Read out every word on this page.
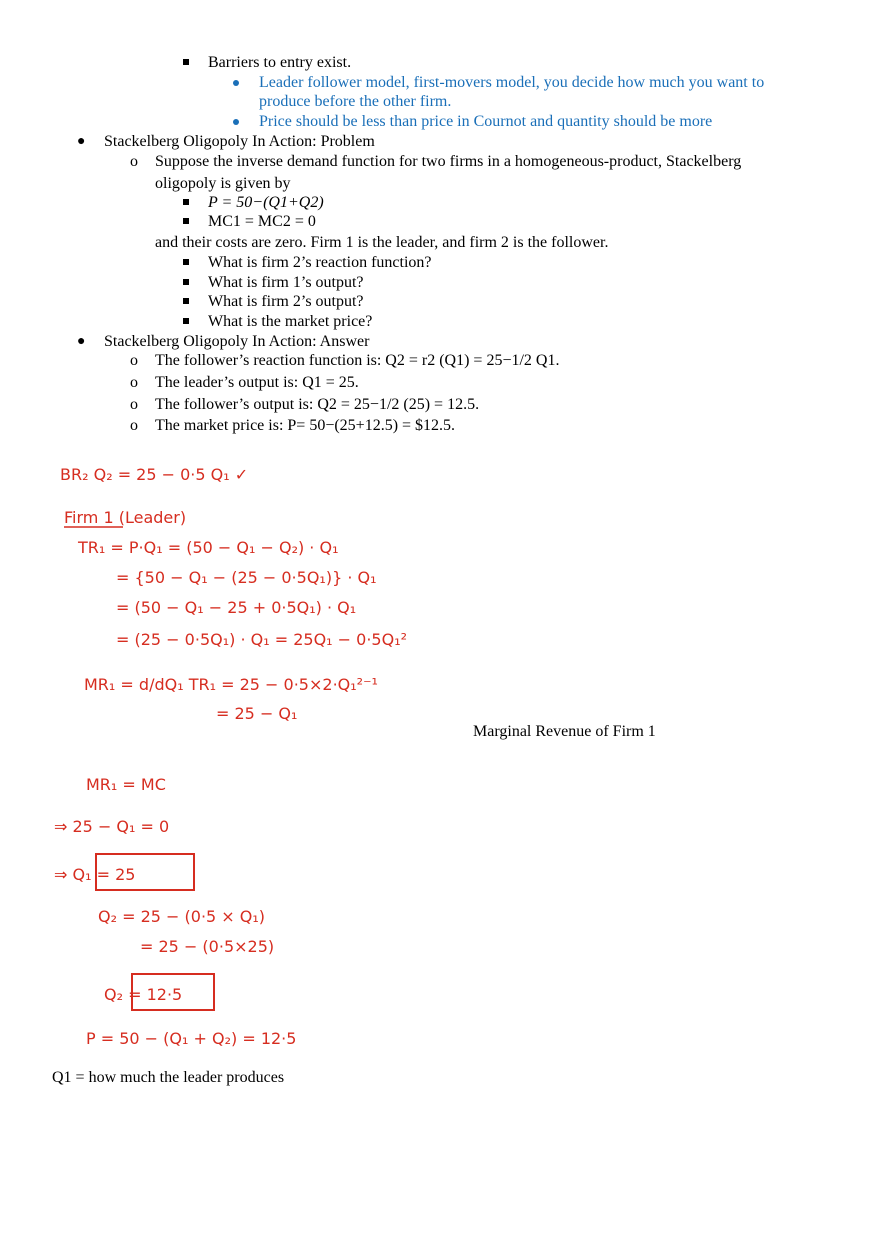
Barriers to entry exist.
Leader follower model, first-movers model, you decide how much you want to
produce before the other firm.
Price should be less than price in Cournot and quantity should be more
● Stackelberg Oligopoly In Action: Problem
o Suppose the inverse demand function for two firms in a homogeneous-product, Stackelberg
oligopoly is given by
P = 50−(Q1+Q2)
MC1 = MC2 = 0
and their costs are zero. Firm 1 is the leader, and firm 2 is the follower.
What is firm 2’s reaction function?
What is firm 1’s output?
What is firm 2’s output?
What is the market price?
● Stackelberg Oligopoly In Action: Answer
o The follower’s reaction function is: Q2 = r2 (Q1) = 25−1/2 Q1.
o The leader’s output is: Q1 = 25.
o The follower’s output is: Q2 = 25−1/2 (25) = 12.5.
o The market price is: P= 50−(25+12.5) = $12.5.
BR₂ Q₂ = 25 − 0·5 Q₁ ✓
Firm 1 (Leader)
TR₁ = P·Q₁ = (50 − Q₁ − Q₂) · Q₁
= {50 − Q₁ − (25 − 0·5Q₁)} · Q₁
= (50 − Q₁ − 25 + 0·5Q₁) · Q₁
= (25 − 0·5Q₁) · Q₁ = 25Q₁ − 0·5Q₁²
MR₁ = d/dQ₁ TR₁ = 25 − 0·5×2·Q₁²⁻¹
= 25 − Q₁
Marginal Revenue of Firm 1
MR₁ = MC
⇒ 25 − Q₁ = 0
⇒ Q₁ = 25
Q₂ = 25 − (0·5 × Q₁)
= 25 − (0·5×25)
Q₂ = 12·5
P = 50 − (Q₁ + Q₂) = 12·5
Q1 = how much the leader produces
